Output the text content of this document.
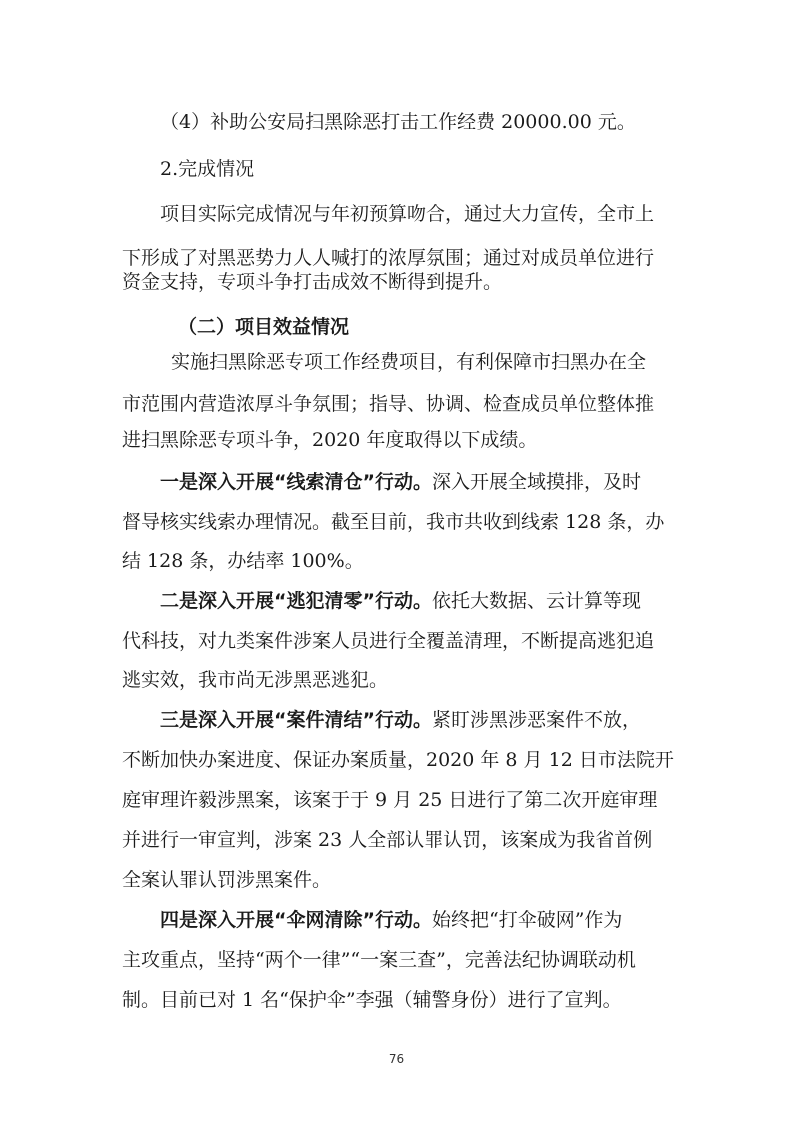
（4）补助公安局扫黑除恶打击工作经费 20000.00 元。
2.完成情况
项目实际完成情况与年初预算吻合，通过大力宣传，全市上
下形成了对黑恶势力人人喊打的浓厚氛围；通过对成员单位进行
资金支持，专项斗争打击成效不断得到提升。
（二）项目效益情况
实施扫黑除恶专项工作经费项目，有利保障市扫黑办在全
市范围内营造浓厚斗争氛围；指导、协调、检查成员单位整体推
进扫黑除恶专项斗争，2020 年度取得以下成绩。
一是深入开展“线索清仓”行动。深入开展全域摸排，及时
督导核实线索办理情况。截至目前，我市共收到线索 128 条，办
结 128 条，办结率 100%。
二是深入开展“逃犯清零”行动。依托大数据、云计算等现
代科技，对九类案件涉案人员进行全覆盖清理，不断提高逃犯追
逃实效，我市尚无涉黑恶逃犯。
三是深入开展“案件清结”行动。紧盯涉黑涉恶案件不放，
不断加快办案进度、保证办案质量，2020 年 8 月 12 日市法院开
庭审理许毅涉黑案，该案于于 9 月 25 日进行了第二次开庭审理
并进行一审宣判，涉案 23 人全部认罪认罚，该案成为我省首例
全案认罪认罚涉黑案件。
四是深入开展“伞网清除”行动。始终把“打伞破网”作为
主攻重点，坚持“两个一律”“一案三查”，完善法纪协调联动机
制。目前已对 1 名“保护伞”李强（辅警身份）进行了宣判。
76
